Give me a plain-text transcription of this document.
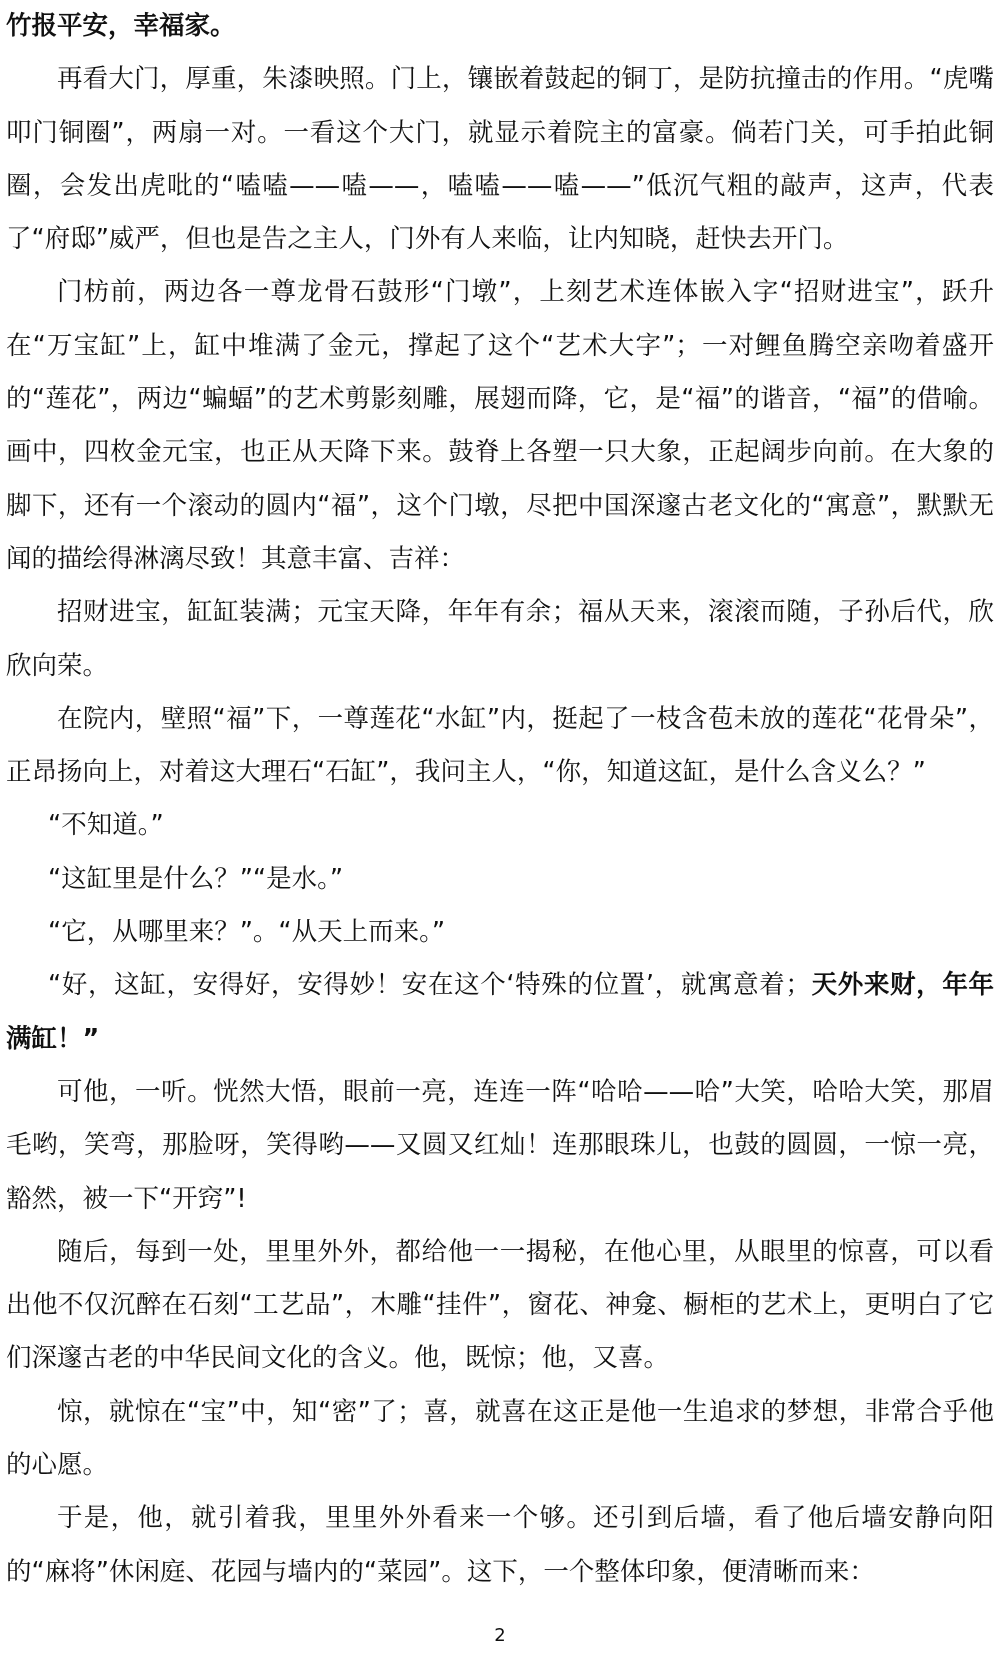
竹报平安，幸福家。

再看大门，厚重，朱漆映照。门上，镶嵌着鼓起的铜丁，是防抗撞击的作用。“虎嘴叩门铜圈”，两扇一对。一看这个大门，就显示着院主的富豪。倘若门关，可手拍此铜圈，会发出虎吡的“嗑嗑——嗑——，嗑嗑——嗑——”低沉气粗的敲声，这声，代表了“府邸”威严，但也是告之主人，门外有人来临，让内知晓，赶快去开门。

门枋前，两边各一尊龙骨石鼓形“门墩”，上刻艺术连体嵌入字“招财进宝”，跃升在“万宝缸”上，缸中堆满了金元，撑起了这个“艺术大字”；一对鲤鱼腾空亲吻着盛开的“莲花”，两边“蝙蝠”的艺术剪影刻雕，展翅而降，它，是“福”的谐音，“福”的借喻。画中，四枚金元宝，也正从天降下来。鼓脊上各塑一只大象，正起阔步向前。在大象的脚下，还有一个滚动的圆内“福”，这个门墩，尽把中国深邃古老文化的“寓意”，默默无闻的描绘得淋漓尽致！其意丰富、吉祥：

招财进宝，缸缸装满；元宝天降，年年有余；福从天来，滚滚而随，子孙后代，欣欣向荣。

在院内，壁照“福”下，一尊莲花“水缸”内，挺起了一枝含苞未放的莲花“花骨朵”，正昂扬向上，对着这大理石“石缸”，我问主人，“你，知道这缸，是什么含义么？”

“不知道。”

“这缸里是什么？”“是水。”

“它，从哪里来？”。“从天上而来。”

“好，这缸，安得好，安得妙！安在这个‘特殊的位置’，就寓意着；天外来财，年年满缸！”

可他，一听。恍然大悟，眼前一亮，连连一阵“哈哈——哈”大笑，哈哈大笑，那眉毛哟，笑弯，那脸呀，笑得哟——又圆又红灿！连那眼珠儿，也鼓的圆圆，一惊一亮，豁然，被一下“开窍”!

随后，每到一处，里里外外，都给他一一揭秘，在他心里，从眼里的惊喜，可以看出他不仅沉醉在石刻“工艺品”，木雕“挂件”，窗花、神龛、橱柜的艺术上，更明白了它们深邃古老的中华民间文化的含义。他，既惊；他，又喜。

惊，就惊在“宝”中，知“密”了；喜，就喜在这正是他一生追求的梦想，非常合乎他的心愿。

于是，他，就引着我，里里外外看来一个够。还引到后墙，看了他后墙安静向阳的“麻将”休闲庭、花园与墙内的“菜园”。这下，一个整体印象，便清晰而来：

2
